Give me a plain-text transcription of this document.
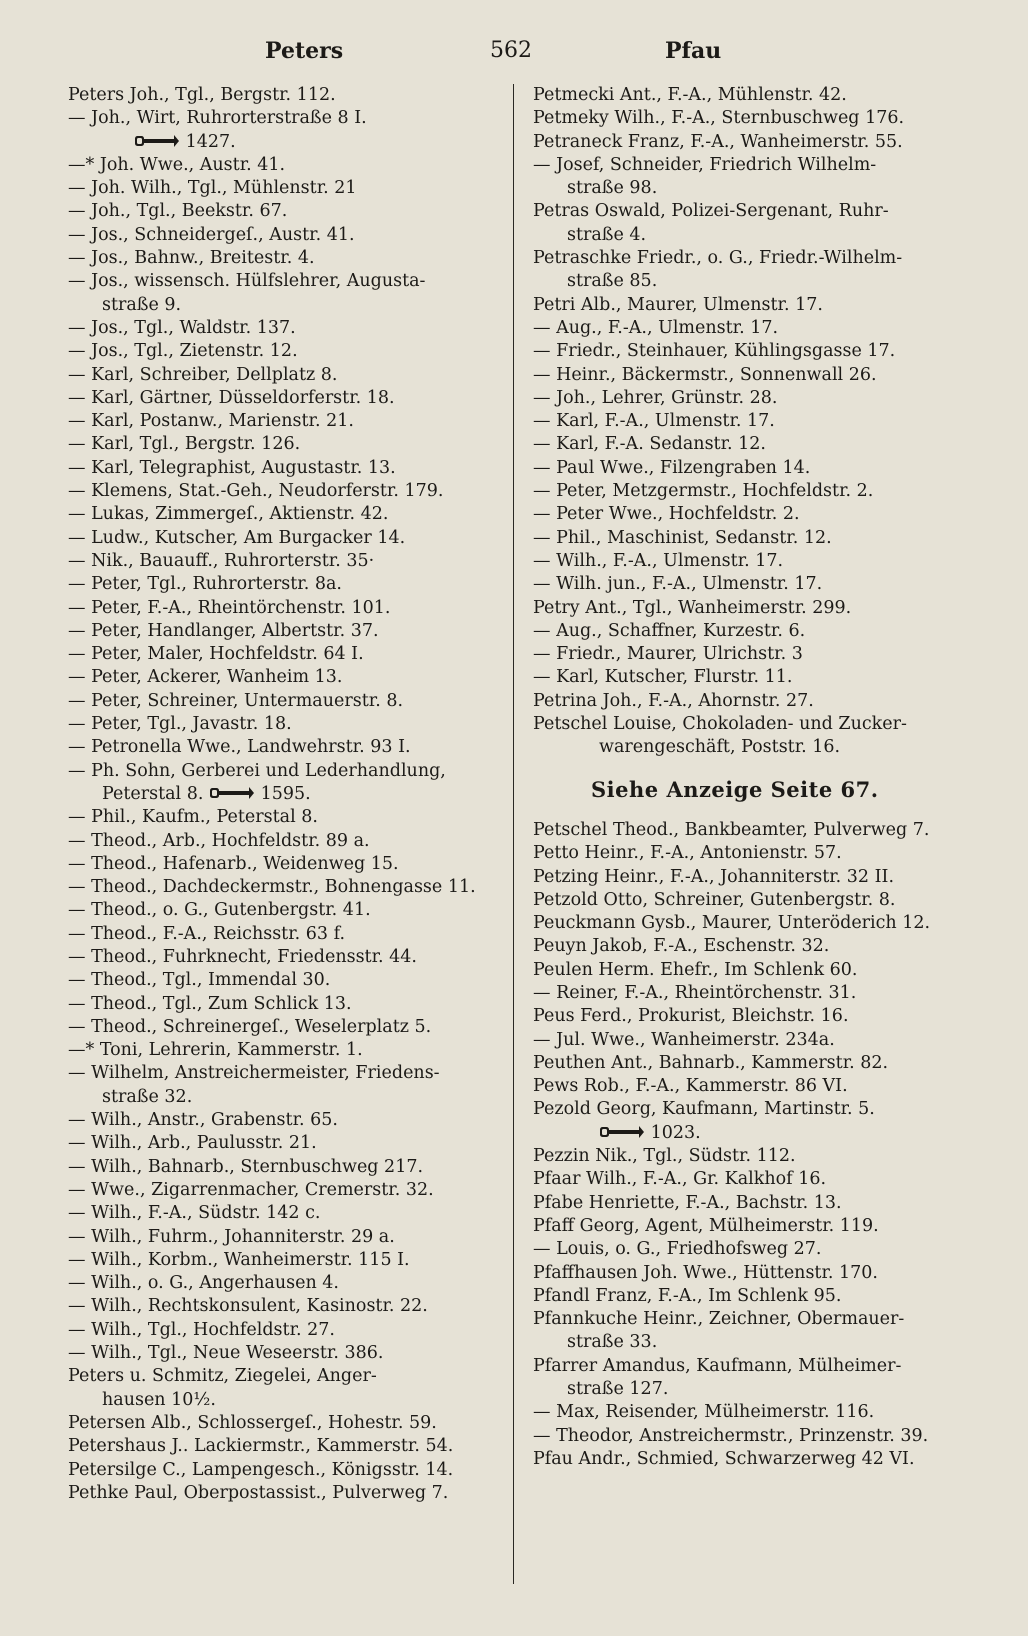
Peters	562	Pfau
Peters Joh., Tgl., Bergstr. 112.
— Joh., Wirt, Ruhrorterstraße 8 I.
1427.
—* Joh. Wwe., Austr. 41.
— Joh. Wilh., Tgl., Mühlenstr. 21
— Joh., Tgl., Beekstr. 67.
— Jos., Schneidergeſ., Austr. 41.
— Jos., Bahnw., Breitestr. 4.
— Jos., wissensch. Hülfslehrer, Augusta-
straße 9.
— Jos., Tgl., Waldstr. 137.
— Jos., Tgl., Zietenstr. 12.
— Karl, Schreiber, Dellplatz 8.
— Karl, Gärtner, Düsseldorferstr. 18.
— Karl, Postanw., Marienstr. 21.
— Karl, Tgl., Bergstr. 126.
— Karl, Telegraphist, Augustastr. 13.
— Klemens, Stat.-Geh., Neudorferstr. 179.
— Lukas, Zimmergeſ., Aktienstr. 42.
— Ludw., Kutscher, Am Burgacker 14.
— Nik., Bauauff., Ruhrorterstr. 35·
— Peter, Tgl., Ruhrorterstr. 8a.
— Peter, F.-A., Rheintörchenstr. 101.
— Peter, Handlanger, Albertstr. 37.
— Peter, Maler, Hochfeldstr. 64 I.
— Peter, Ackerer, Wanheim 13.
— Peter, Schreiner, Untermauerstr. 8.
— Peter, Tgl., Javastr. 18.
— Petronella Wwe., Landwehrstr. 93 I.
— Ph. Sohn, Gerberei und Lederhandlung,
Peterstal 8.	1595.
— Phil., Kaufm., Peterstal 8.
— Theod., Arb., Hochfeldstr. 89 a.
— Theod., Hafenarb., Weidenweg 15.
— Theod., Dachdeckermstr., Bohnengasse 11.
— Theod., o. G., Gutenbergstr. 41.
— Theod., F.-A., Reichsstr. 63 f.
— Theod., Fuhrknecht, Friedensstr. 44.
— Theod., Tgl., Immendal 30.
— Theod., Tgl., Zum Schlick 13.
— Theod., Schreinergeſ., Weselerplatz 5.
—* Toni, Lehrerin, Kammerstr. 1.
— Wilhelm, Anstreichermeister, Friedens-
straße 32.
— Wilh., Anstr., Grabenstr. 65.
— Wilh., Arb., Paulusstr. 21.
— Wilh., Bahnarb., Sternbuschweg 217.
— Wwe., Zigarrenmacher, Cremerstr. 32.
— Wilh., F.-A., Südstr. 142 c.
— Wilh., Fuhrm., Johanniterstr. 29 a.
— Wilh., Korbm., Wanheimerstr. 115 I.
— Wilh., o. G., Angerhausen 4.
— Wilh., Rechtskonsulent, Kasinostr. 22.
— Wilh., Tgl., Hochfeldstr. 27.
— Wilh., Tgl., Neue Weseerstr. 386.
Peters u. Schmitz, Ziegelei, Anger-
hausen 10½.
Petersen Alb., Schlossergeſ., Hohestr. 59.
Petershaus J.. Lackiermstr., Kammerstr. 54.
Petersilge C., Lampengesch., Königsstr. 14.
Pethke Paul, Oberpostassist., Pulverweg 7.
Petmecki Ant., F.-A., Mühlenstr. 42.
Petmeky Wilh., F.-A., Sternbuschweg 176.
Petraneck Franz, F.-A., Wanheimerstr. 55.
— Josef, Schneider, Friedrich Wilhelm-
straße 98.
Petras Oswald, Polizei-Sergenant, Ruhr-
straße 4.
Petraschke Friedr., o. G., Friedr.-Wilhelm-
straße 85.
Petri Alb., Maurer, Ulmenstr. 17.
— Aug., F.-A., Ulmenstr. 17.
— Friedr., Steinhauer, Kühlingsgasse 17.
— Heinr., Bäckermstr., Sonnenwall 26.
— Joh., Lehrer, Grünstr. 28.
— Karl, F.-A., Ulmenstr. 17.
— Karl, F.-A. Sedanstr. 12.
— Paul Wwe., Filzengraben 14.
— Peter, Metzgermstr., Hochfeldstr. 2.
— Peter Wwe., Hochfeldstr. 2.
— Phil., Maschinist, Sedanstr. 12.
— Wilh., F.-A., Ulmenstr. 17.
— Wilh. jun., F.-A., Ulmenstr. 17.
Petry Ant., Tgl., Wanheimerstr. 299.
— Aug., Schaffner, Kurzestr. 6.
— Friedr., Maurer, Ulrichstr. 3
— Karl, Kutscher, Flurstr. 11.
Petrina Joh., F.-A., Ahornstr. 27.
Petschel Louise, Chokoladen- und Zucker-
warengeschäft, Poststr. 16.
Siehe Anzeige Seite 67.
Petschel Theod., Bankbeamter, Pulverweg 7.
Petto Heinr., F.-A., Antonienstr. 57.
Petzing Heinr., F.-A., Johanniterstr. 32 II.
Petzold Otto, Schreiner, Gutenbergstr. 8.
Peuckmann Gysb., Maurer, Unteröderich 12.
Peuyn Jakob, F.-A., Eschenstr. 32.
Peulen Herm. Ehefr., Im Schlenk 60.
— Reiner, F.-A., Rheintörchenstr. 31.
Peus Ferd., Prokurist, Bleichstr. 16.
— Jul. Wwe., Wanheimerstr. 234a.
Peuthen Ant., Bahnarb., Kammerstr. 82.
Pews Rob., F.-A., Kammerstr. 86 VI.
Pezold Georg, Kaufmann, Martinstr. 5.
1023.
Pezzin Nik., Tgl., Südstr. 112.
Pfaar Wilh., F.-A., Gr. Kalkhof 16.
Pfabe Henriette, F.-A., Bachstr. 13.
Pfaff Georg, Agent, Mülheimerstr. 119.
— Louis, o. G., Friedhofsweg 27.
Pfaffhausen Joh. Wwe., Hüttenstr. 170.
Pfandl Franz, F.-A., Im Schlenk 95.
Pfannkuche Heinr., Zeichner, Obermauer-
straße 33.
Pfarrer Amandus, Kaufmann, Mülheimer-
straße 127.
— Max, Reisender, Mülheimerstr. 116.
— Theodor, Anstreichermstr., Prinzenstr. 39.
Pfau Andr., Schmied, Schwarzerweg 42 VI.
